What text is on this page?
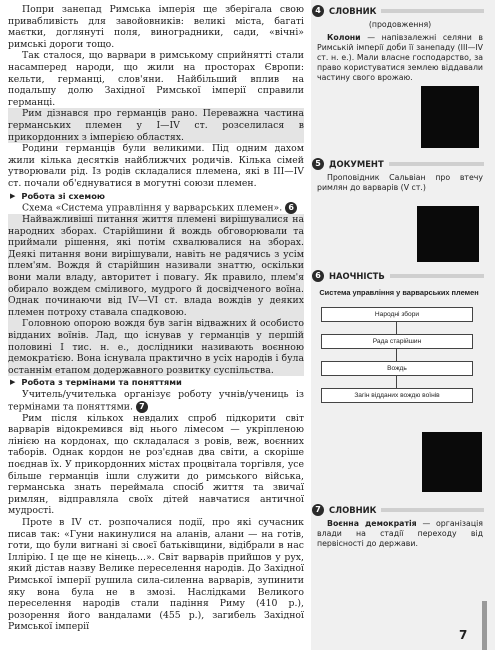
Попри занепад Римська імперія ще зберігала свою привабливість для завойовників: великі міста, багаті маєтки, доглянуті поля, виноградники, сади, «вічні» римські дороги тощо.

Так сталося, що варвари в римському сприйнятті стали насамперед народи, що жили на просторах Європи: кельти, германці, слов'яни. Найбільший вплив на подальшу долю Західної Римської імперії справили германці.

Рим дізнався про германців рано. Переважна частина германських племен у I—IV ст. розселилася в прикордонних з імперією областях.

Родини германців були великими. Під одним дахом жили кілька десятків найближчих родичів. Кілька сімей утворювали рід. Із родів складалися племена, які в III—IV ст. почали об'єднуватися в могутні союзи племен.

▶ Робота зі схемою

Схема «Система управління у варварських племен». 6

Найважливіші питання життя племені вирішувалися на народних зборах. Старійшини й вождь обговорювали та приймали рішення, які потім схвалювалися на зборах. Деякі питання вони вирішували, навіть не радячись з усім плем'ям. Вождя й старійшин називали знаттю, оскільки вони мали владу, авторитет і повагу. Як правило, плем'я обирало вождем сміливого, мудрого й досвідченого воїна. Однак починаючи від IV—VI ст. влада вождів у деяких племен потроху ставала спадковою.

Головною опорою вождя був загін відважних й особисто відданих воїнів. Лад, що існував у германців у першій половині I тис. н. е., дослідники називають воєнною демократією. Вона існувала практично в усіх народів і була останнім етапом додержавного розвитку суспільства.

▶ Робота з термінами та поняттями

Учитель/учителька організує роботу учнів/учениць із термінами та поняттями. 7

Рим після кількох невдалих спроб підкорити світ варварів відокремився від нього лімесом — укріпленою лінією на кордонах, що складалася з ровів, веж, воєнних таборів. Однак кордон не роз'єднав два світи, а скоріше поєднав їх. У прикордонних містах процвітала торгівля, усе більше германців ішли служити до римського війська, германська знать переймала спосіб життя та звичаї римлян, відправляла своїх дітей навчатися античної мудрості.

Проте в IV ст. розпочалися події, про які сучасник писав так: «Гуни накинулися на аланів, алани — на готів, готи, що були вигнані зі своєї батьківщини, відібрали в нас Іллірію. І це ще не кінець...». Світ варварів прийшов у рух, який дістав назву Велике переселення народів. До Західної Римської імперії рушила сила-силенна варварів, зупинити яку вона була не в змозі. Наслідками Великого переселення народів стали падіння Риму (410 р.), розорення його вандалами (455 р.), загибель Західної Римської імперії

4 СЛОВНИК
(продовження)
Колони — напівзалежні селяни в Римській імперії доби її занепаду (III—IV ст. н. е.). Мали власне господарство, за право користуватися землею віддавали частину свого врожаю.
5 ДОКУМЕНТ
Проповідник Сальвіан про втечу римлян до варварів (V ст.)
6 НАОЧНІСТЬ
Система управління у варварських племен
Народні збори
Рада старійшин
Вождь
Загін відданих вождю воїнів
7 СЛОВНИК
Воєнна демократія — організація влади на стадії переходу від первісності до держави.
7
